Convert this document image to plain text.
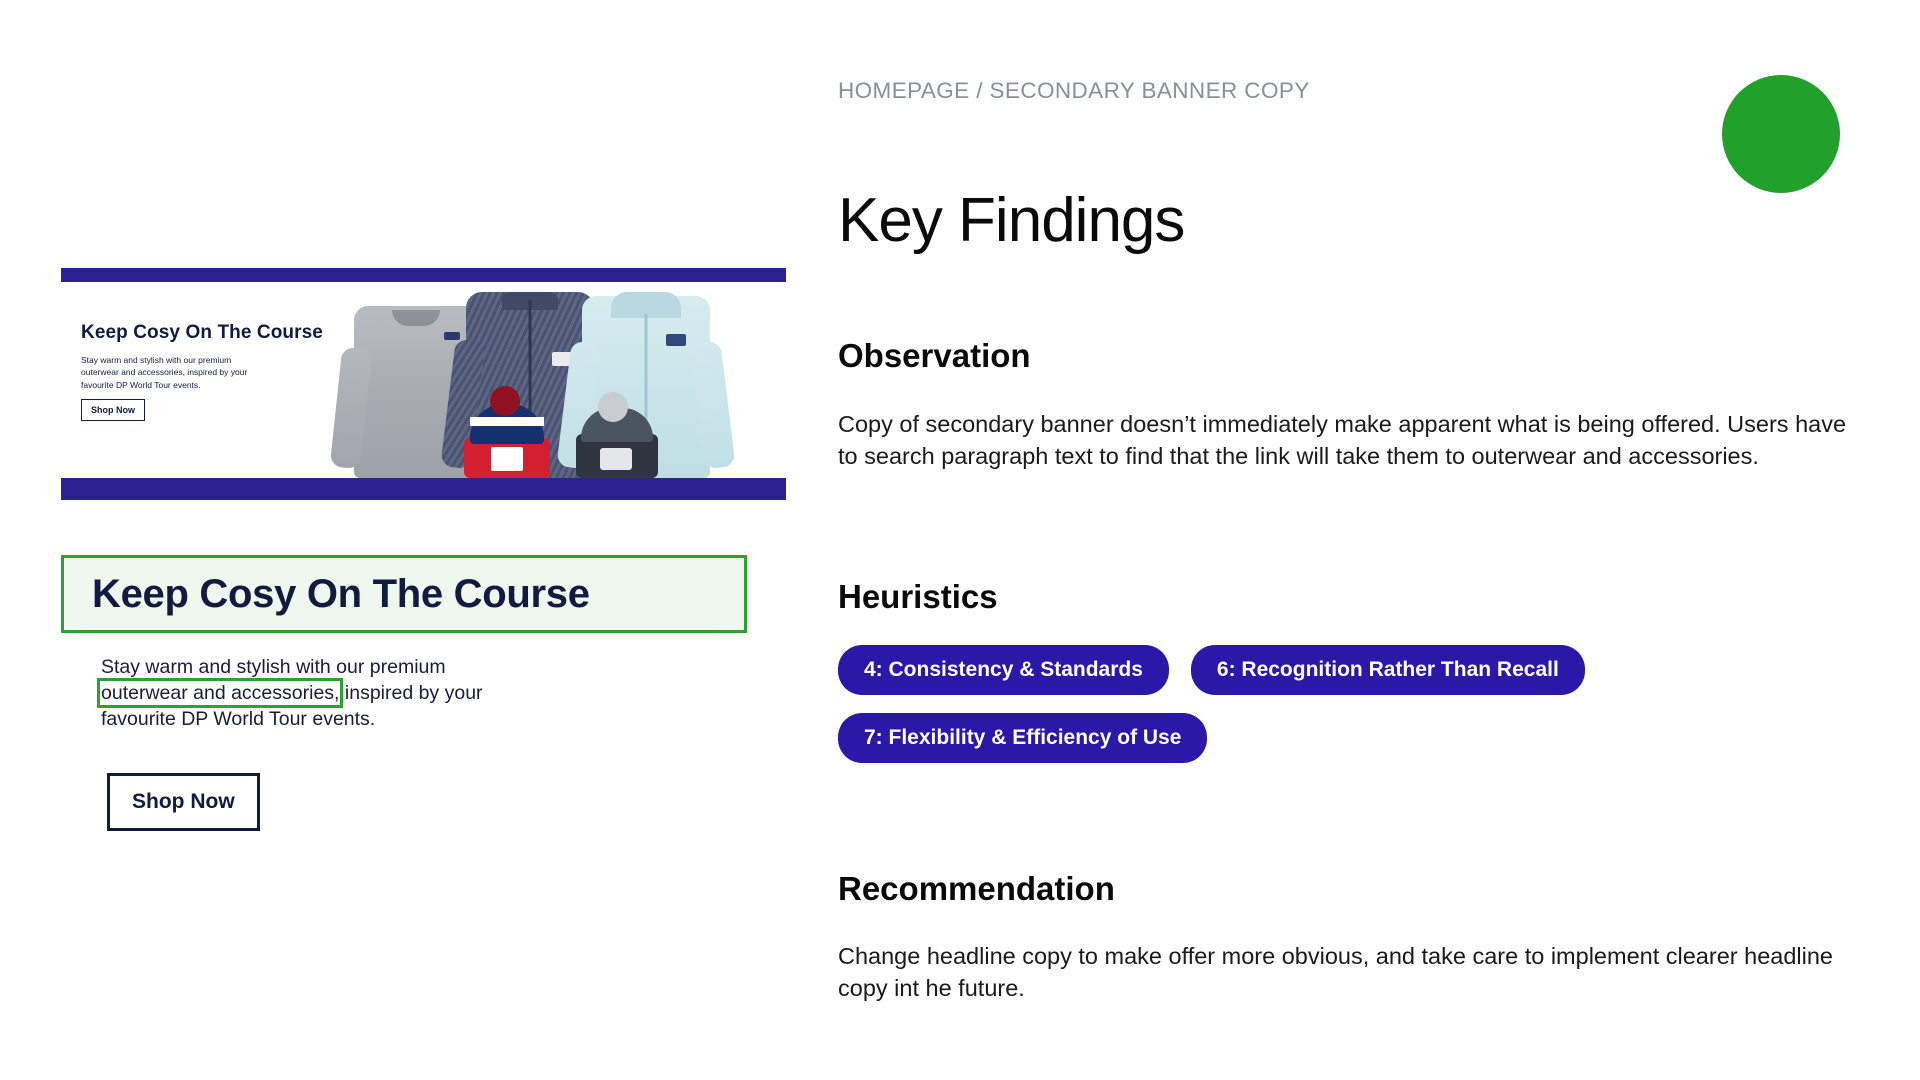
Keep Cosy On The Course
Stay warm and stylish with our premium outerwear and accessories, inspired by your favourite DP World Tour events.
Shop Now
Keep Cosy On The Course
Stay warm and stylish with our premium outerwear and accessories, inspired by your favourite DP World Tour events.
Shop Now
HOMEPAGE / SECONDARY BANNER COPY
Key Findings
Observation
Copy of secondary banner doesn’t immediately make apparent what is being offered. Users have to search paragraph text to find that the link will take them to outerwear and accessories.
Heuristics
4: Consistency & Standards	6: Recognition Rather Than Recall
7: Flexibility & Efficiency of Use
Recommendation
Change headline copy to make offer more obvious, and take care to implement clearer headline copy int he future.
